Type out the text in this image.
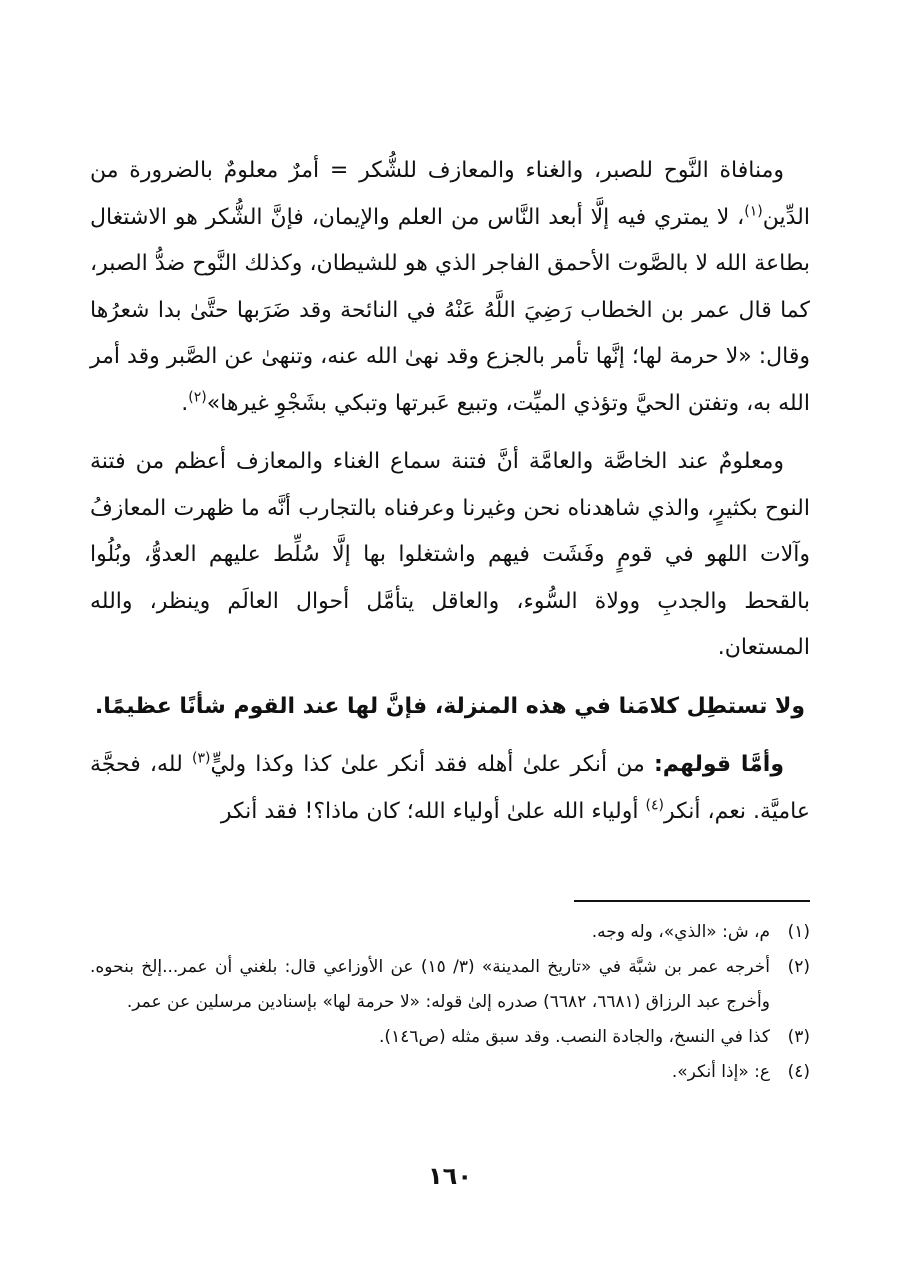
ومنافاة النَّوح للصبر، والغناء والمعازف للشُّكر = أمرٌ معلومٌ بالضرورة من الدِّين$^{(١)}$، لا يمتري فيه إلَّا أبعد النَّاس من العلم والإيمان، فإنَّ الشُّكر هو الاشتغال بطاعة الله لا بالصَّوت الأحمق الفاجر الذي هو للشيطان، وكذلك النَّوح ضدُّ الصبر، كما قال عمر بن الخطاب رَضِيَ اللَّهُ عَنْهُ في النائحة وقد ضَرَبها حتَّىٰ بدا شعرُها وقال: «لا حرمة لها؛ إنَّها تأمر بالجزع وقد نهىٰ الله عنه، وتنهىٰ عن الصَّبر وقد أمر الله به، وتفتن الحيَّ وتؤذي الميِّت، وتبيع عَبرتها وتبكي بشَجْوِ غيرها»$^{(٢)}$.

ومعلومٌ عند الخاصَّة والعامَّة أنَّ فتنة سماع الغناء والمعازف أعظم من فتنة النوح بكثيرٍ، والذي شاهدناه نحن وغيرنا وعرفناه بالتجارب أنَّه ما ظهرت المعازفُ وآلات اللهو في قومٍ وفَشَت فيهم واشتغلوا بها إلَّا سُلِّط عليهم العدوُّ، وبُلُوا بالقحط والجدبِ وولاة السُّوء، والعاقل يتأمَّل أحوال العالَم وينظر، والله المستعان.

ولا تستطِل كلامَنا في هذه المنزلة، فإنَّ لها عند القوم شأنًا عظيمًا.

وأمَّا قولهم: من أنكر علىٰ أهله فقد أنكر علىٰ كذا وكذا وليٍّ$^{(٣)}$ لله، فحجَّة عاميَّة. نعم، أنكر$^{(٤)}$ أولياء الله علىٰ أولياء الله؛ كان ماذا؟! فقد أنكر

(١)
م، ش: «الذي»، وله وجه.
(٢)
أخرجه عمر بن شبَّة في «تاريخ المدينة» (٣/ ١٥) عن الأوزاعي قال: بلغني أن عمر...إلخ بنحوه. وأخرج عبد الرزاق (٦٦٨١، ٦٦٨٢) صدره إلىٰ قوله: «لا حرمة لها» بإسنادين مرسلين عن عمر.
(٣)
كذا في النسخ، والجادة النصب. وقد سبق مثله (ص١٤٦).
(٤)
ع: «إذا أنكر».
١٦٠
